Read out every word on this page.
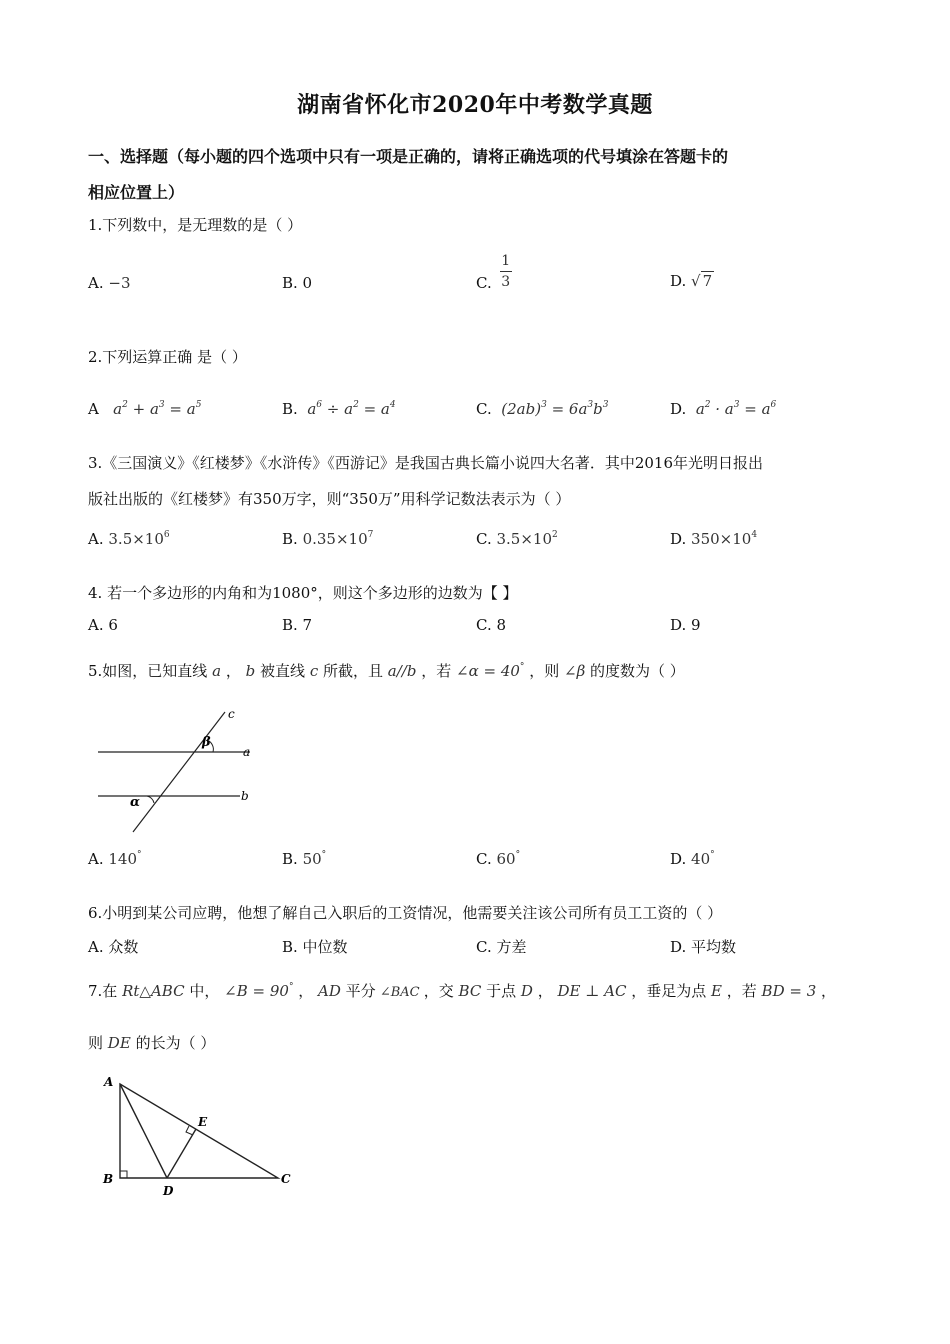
湖南省怀化市2020年中考数学真题
一、选择题（每小题的四个选项中只有一项是正确的，请将正确选项的代号填涂在答题卡的
相应位置上）
1.下列数中，是无理数的是（ ）
A. −3	B. 0	C. $\frac{1}{3}$	D. √ 7
2.下列运算正确 是（ ）
A   $a^2 + a^3 = a^5$	B.  $a^6 \div a^2 = a^4$	C.  $(2ab)^3 = 6a^3b^3$	D.  $a^2 \cdot a^3 = a^6$
3.《三国演义》《红楼梦》《水浒传》《西游记》是我国古典长篇小说四大名著．其中2016年光明日报出
版社出版的《红楼梦》有350万字，则“350万”用科学记数法表示为（ ）
A. $3.5\times 10^6$	B. $0.35\times 10^7$	C. $3.5\times 10^2$	D. $350\times 10^4$
4. 若一个多边形的内角和为1080°，则这个多边形的边数为【 】
A. 6	B. 7	C. 8	D. 9
5.如图，已知直线 a ， b 被直线 c 所截，且 a//b ，若 ∠α = 40° ，则 ∠β 的度数为（ ）
c
a
b
β
α
A. 140°	B. 50°	C. 60°	D. 40°
6.小明到某公司应聘，他想了解自己入职后的工资情况，他需要关注该公司所有员工工资的（ ）
A. 众数	B. 中位数	C. 方差	D. 平均数
7.在 Rt△ABC 中， ∠B = 90° ， AD 平分 ∠BAC ，交 BC 于点 D ， DE ⊥ AC ，垂足为点 E ，若 BD = 3 ，
则 DE 的长为（ ）
A
B	C
D
E
